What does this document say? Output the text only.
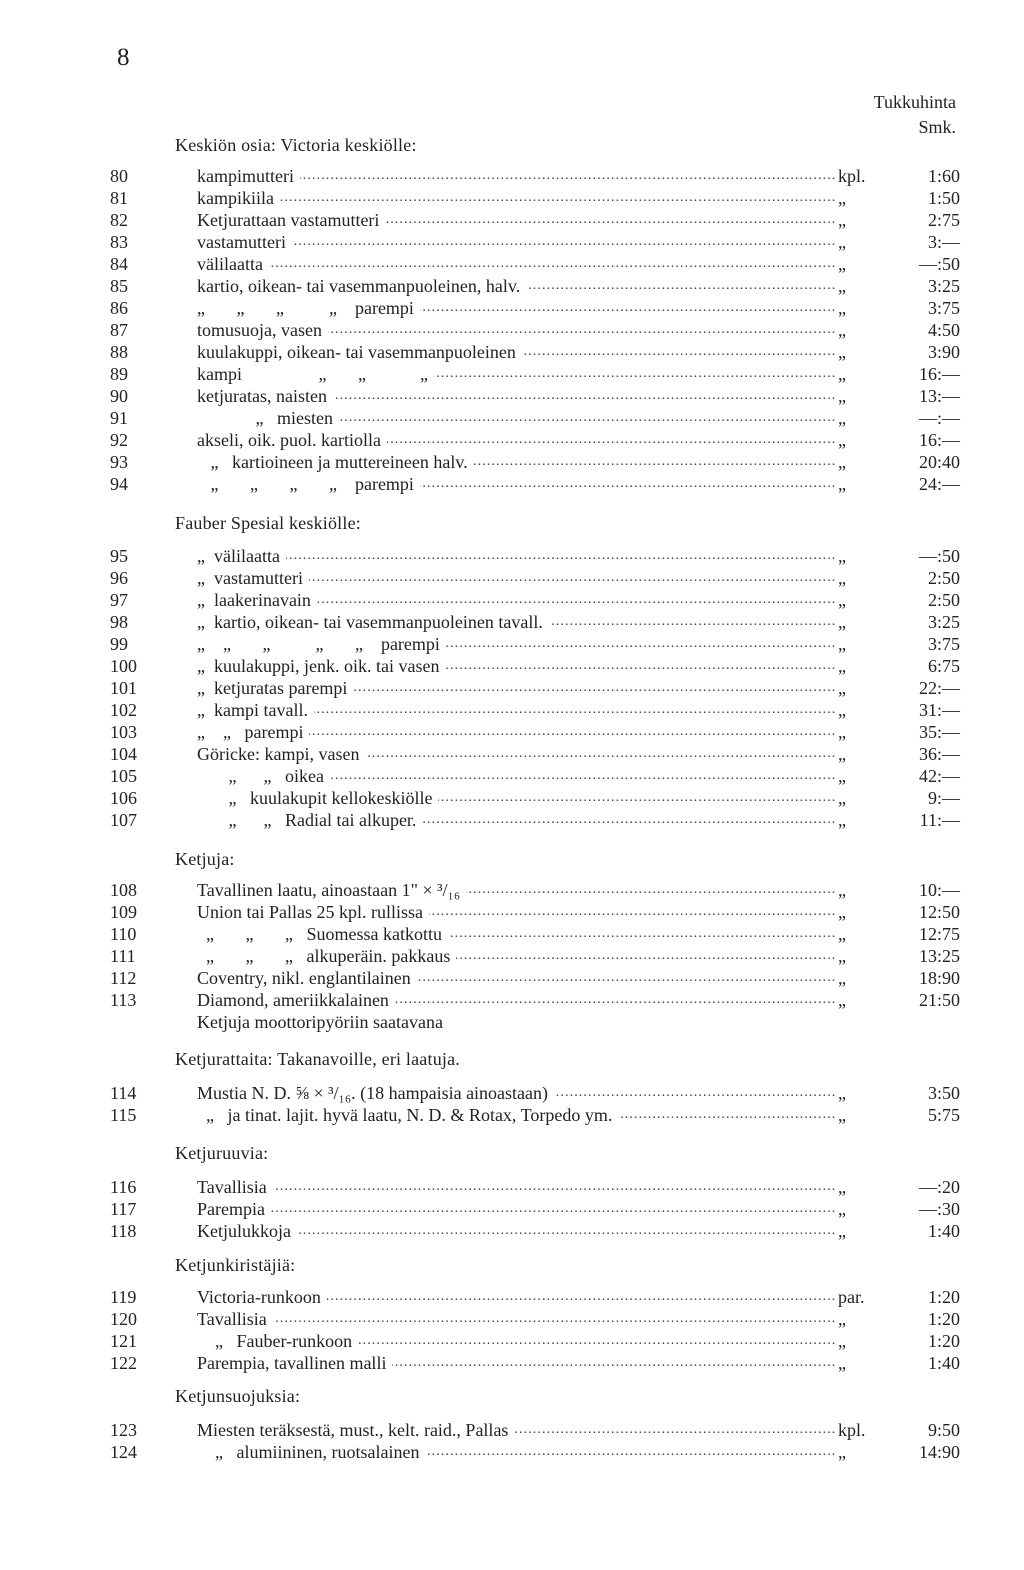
8
Tukkuhinta
Smk.
Keskiön osia: Victoria keskiölle:
Fauber Spesial keskiölle:
Ketjuja:
Ketjurattaita: Takanavoille, eri laatuja.
Ketjuruuvia:
Ketjunkiristäjiä:
Ketjunsuojuksia:
80	kampimutteri . . .	kpl.	1:60
81	kampikiila . . .	„	1:50
82	Ketjurattaan vastamutteri . . .	„	2:75
83	vastamutteri . . .	„	3:—
84	välilaatta . . .	„	—:50
85	kartio, oikean- tai vasemmanpuoleinen, halv. . . .	„	3:25
86	„       „       „          „    parempi . . .	„	3:75
87	tomusuoja, vasen . . .	„	4:50
88	kuulakuppi, oikean- tai vasemmanpuoleinen . . .	„	3:90
89	kampi                 „       „            „ . . .	„	16:—
90	ketjuratas, naisten . . .	„	13:—
91	„   miesten . . .	„	—:—
92	akseli, oik. puol. kartiolla . . .	„	16:—
93	„   kartioineen ja muttereineen halv. . . .	„	20:40
94	„       „       „       „    parempi . . .	„	24:—
95	„  välilaatta . . .	„	—:50
96	„  vastamutteri . . .	„	2:50
97	„  laakerinavain . . .	„	2:50
98	„  kartio, oikean- tai vasemmanpuoleinen tavall. . . .	„	3:25
99	„    „       „          „       „    parempi . . .	„	3:75
100	„  kuulakuppi, jenk. oik. tai vasen . . .	„	6:75
101	„  ketjuratas parempi . . .	„	22:—
102	„  kampi tavall. . . .	„	31:—
103	„    „   parempi . . .	„	35:—
104	Göricke: kampi, vasen . . .	„	36:—
105	„      „   oikea . . .	„	42:—
106	„   kuulakupit kellokeskiölle . . .	„	9:—
107	„      „   Radial tai alkuper. . . .	„	11:—
108	Tavallinen laatu, ainoastaan 1" × ³/₁₆ . . .	„	10:—
109	Union tai Pallas 25 kpl. rullissa . . .	„	12:50
110	„       „       „   Suomessa katkottu . . .	„	12:75
111	„       „       „   alkuperäin. pakkaus . . .	„	13:25
112	Coventry, nikl. englantilainen . . .	„	18:90
113	Diamond, ameriikkalainen . . .	„	21:50
Ketjuja moottoripyöriin saatavana
114	Mustia N. D. ⅝ × ³/₁₆. (18 hampaisia ainoastaan) . . .	„	3:50
115	„   ja tinat. lajit. hyvä laatu, N. D. & Rotax, Torpedo ym. . . .	„	5:75
116	Tavallisia . . .	„	—:20
117	Parempia . . .	„	—:30
118	Ketjulukkoja . . .	„	1:40
119	Victoria-runkoon . . .	par.	1:20
120	Tavallisia . . .	„	1:20
121	„   Fauber-runkoon . . .	„	1:20
122	Parempia, tavallinen malli . . .	„	1:40
123	Miesten teräksestä, must., kelt. raid., Pallas . . .	kpl.	9:50
124	„   alumiininen, ruotsalainen . . .	„	14:90
